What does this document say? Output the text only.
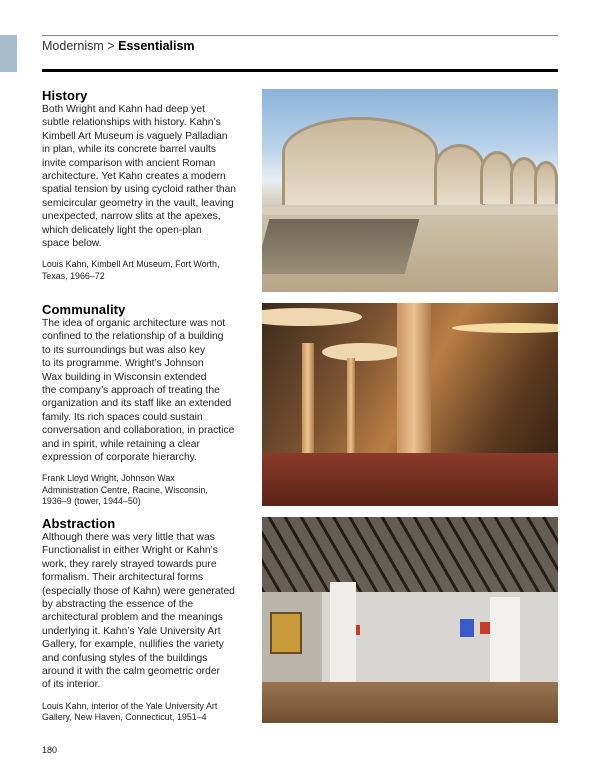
Modernism > Essentialism
History
Both Wright and Kahn had deep yet
subtle relationships with history. Kahn’s
Kimbell Art Museum is vaguely Palladian
in plan, while its concrete barrel vaults
invite comparison with ancient Roman
architecture. Yet Kahn creates a modern
spatial tension by using cycloid rather than
semicircular geometry in the vault, leaving
unexpected, narrow slits at the apexes,
which delicately light the open-plan
space below.
Louis Kahn, Kimbell Art Museum, Fort Worth,
Texas, 1966–72
Communality
The idea of organic architecture was not
confined to the relationship of a building
to its surroundings but was also key
to its programme. Wright’s Johnson
Wax building in Wisconsin extended
the company’s approach of treating the
organization and its staff like an extended
family. Its rich spaces could sustain
conversation and collaboration, in practice
and in spirit, while retaining a clear
expression of corporate hierarchy.
Frank Lloyd Wright, Johnson Wax
Administration Centre, Racine, Wisconsin,
1936–9 (tower, 1944–50)
Abstraction
Although there was very little that was
Functionalist in either Wright or Kahn’s
work, they rarely strayed towards pure
formalism. Their architectural forms
(especially those of Kahn) were generated
by abstracting the essence of the
architectural problem and the meanings
underlying it. Kahn’s Yale University Art
Gallery, for example, nullifies the variety
and confusing styles of the buildings
around it with the calm geometric order
of its interior.
Louis Kahn, interior of the Yale University Art
Gallery, New Haven, Connecticut, 1951–4
180
